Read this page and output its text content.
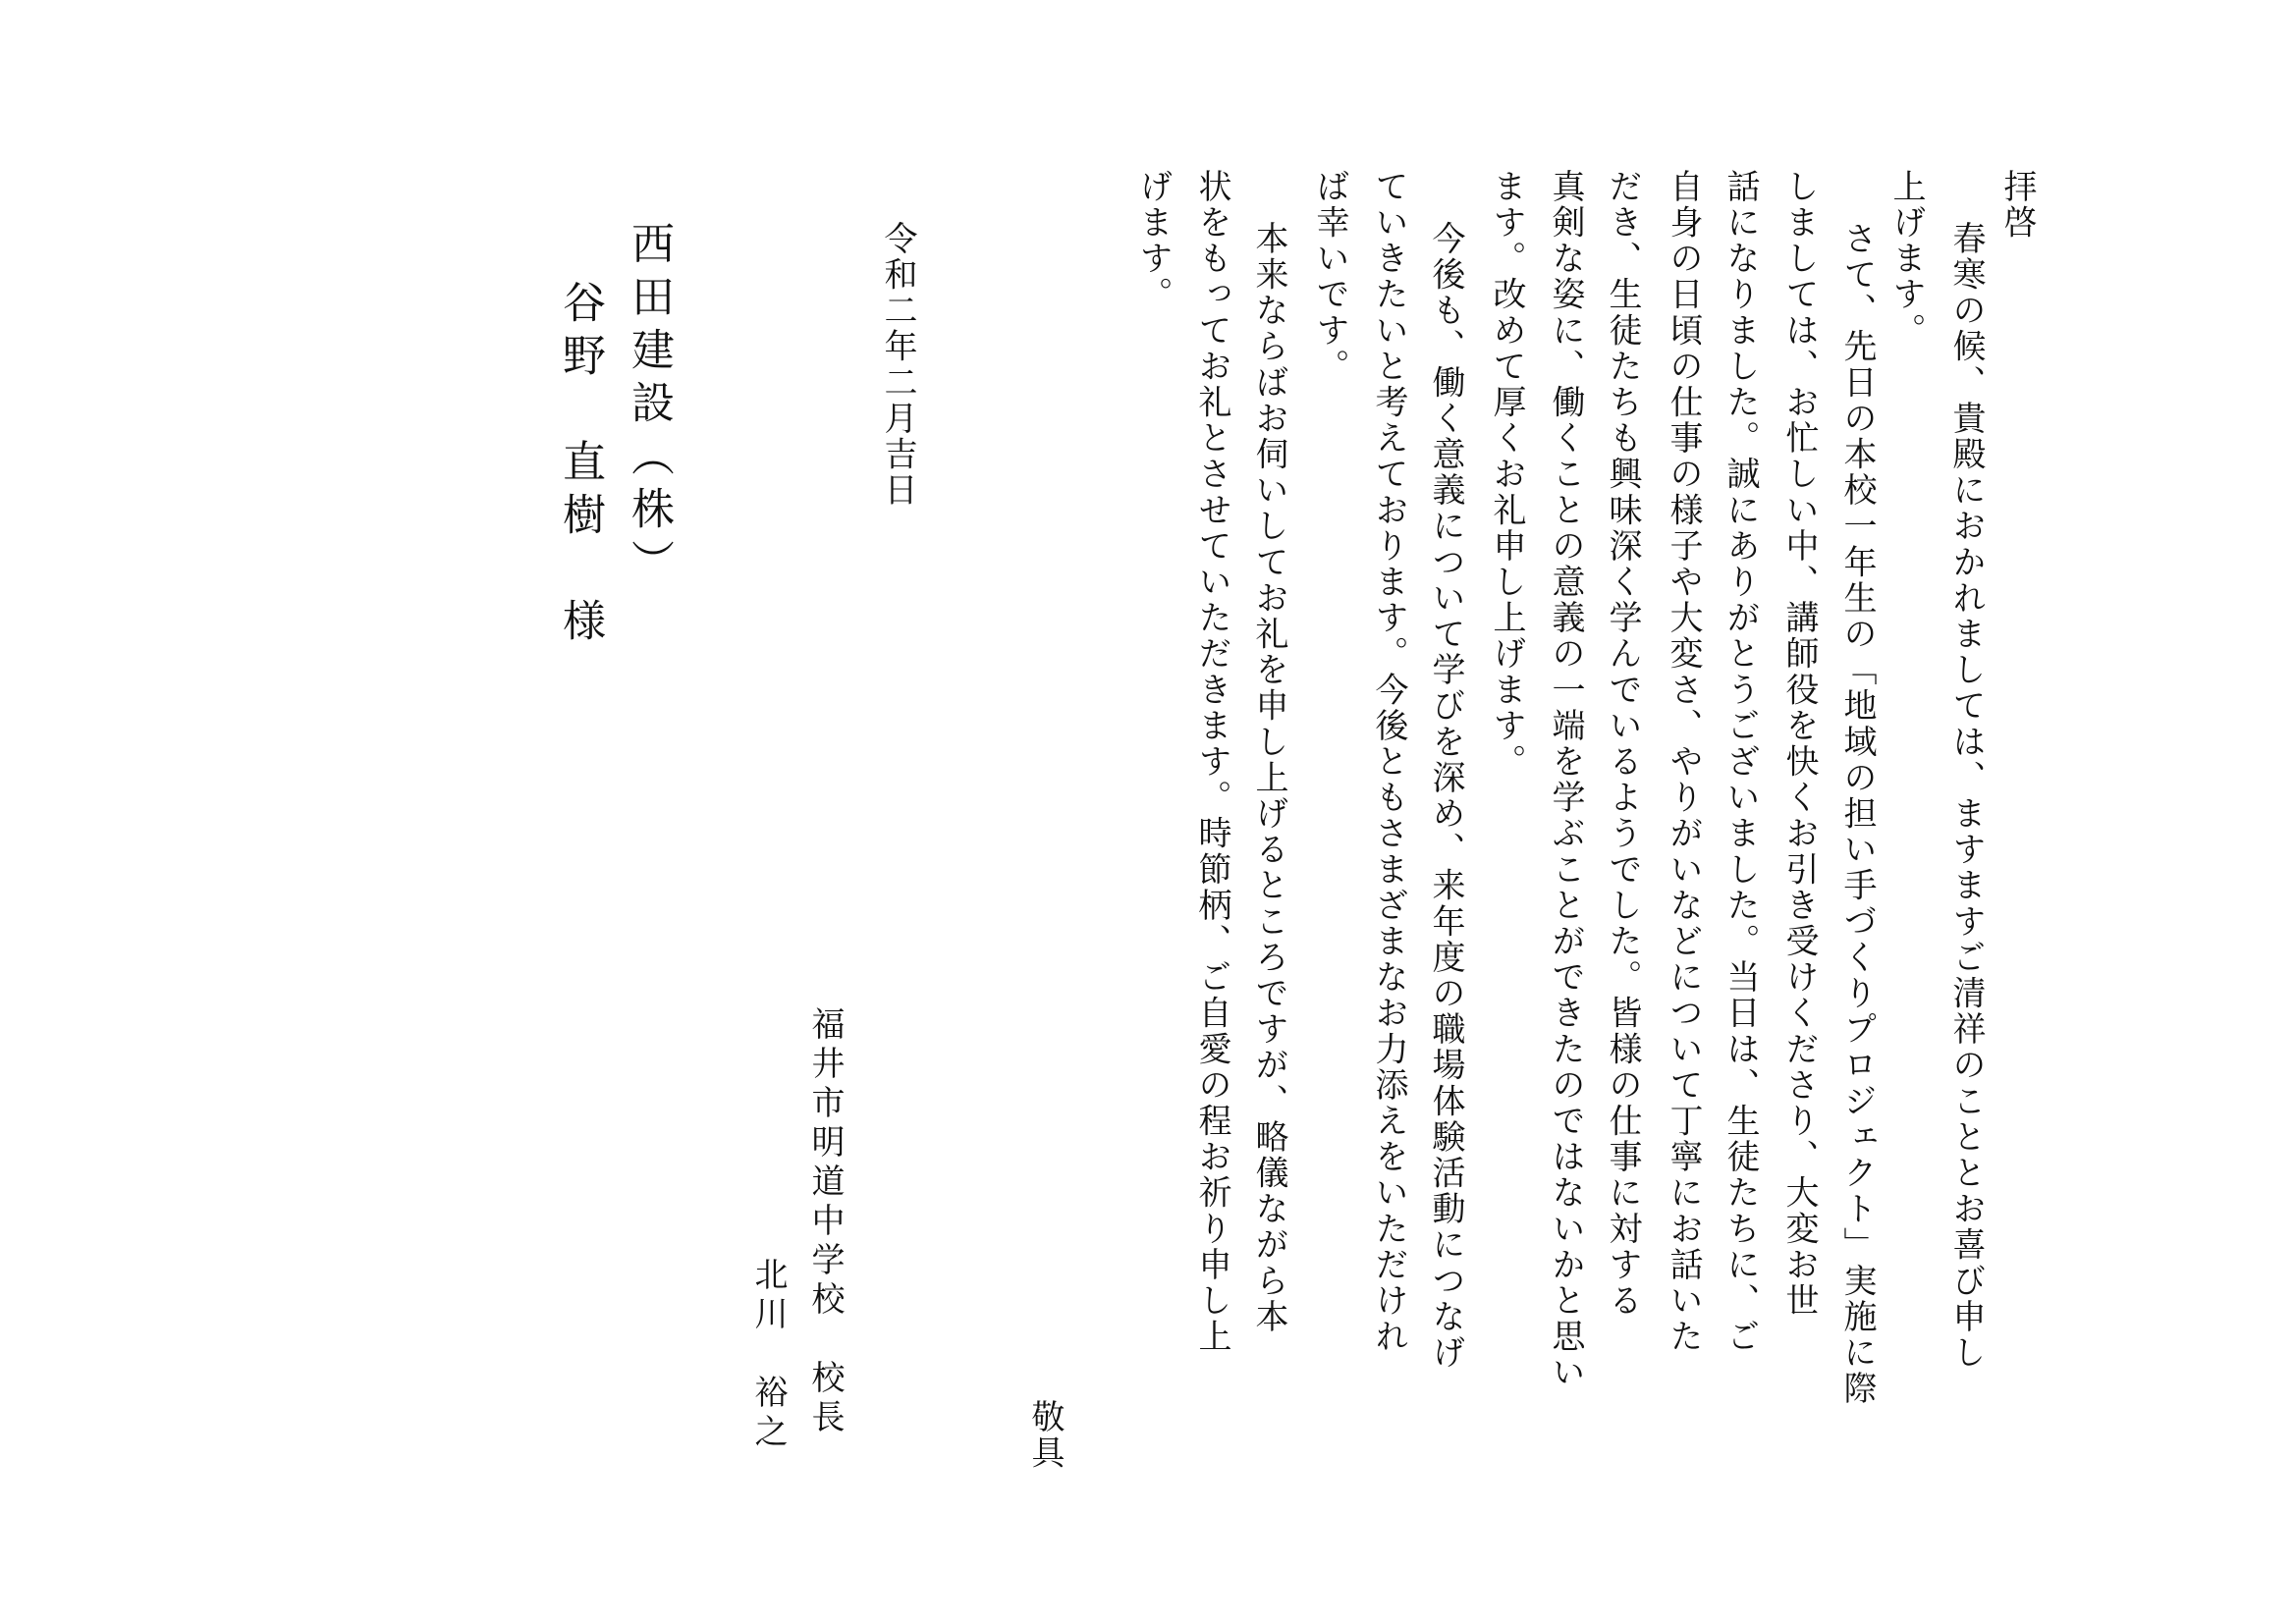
拝啓
春寒の候、貴殿におかれましては、ますますご清祥のこととお喜び申し
上げます。
さて、先日の本校一年生の「地域の担い手づくりプロジェクト」実施に際
しましては、お忙しい中、講師役を快くお引き受けくださり、大変お世
話になりました。誠にありがとうございました。当日は、生徒たちに、ご
自身の日頃の仕事の様子や大変さ、やりがいなどについて丁寧にお話いた
だき、生徒たちも興味深く学んでいるようでした。皆様の仕事に対する
真剣な姿に、働くことの意義の一端を学ぶことができたのではないかと思い
ます。改めて厚くお礼申し上げます。
今後も、働く意義について学びを深め、来年度の職場体験活動につなげ
ていきたいと考えております。今後ともさまざまなお力添えをいただけれ
ば幸いです。
本来ならばお伺いしてお礼を申し上げるところですが、略儀ながら本
状をもってお礼とさせていただきます。時節柄、ご自愛の程お祈り申し上
げます。
敬具
福井市明道中学校　校長
北川　裕之
令和二年二月吉日
西田建設（株）
谷野　直樹　様
